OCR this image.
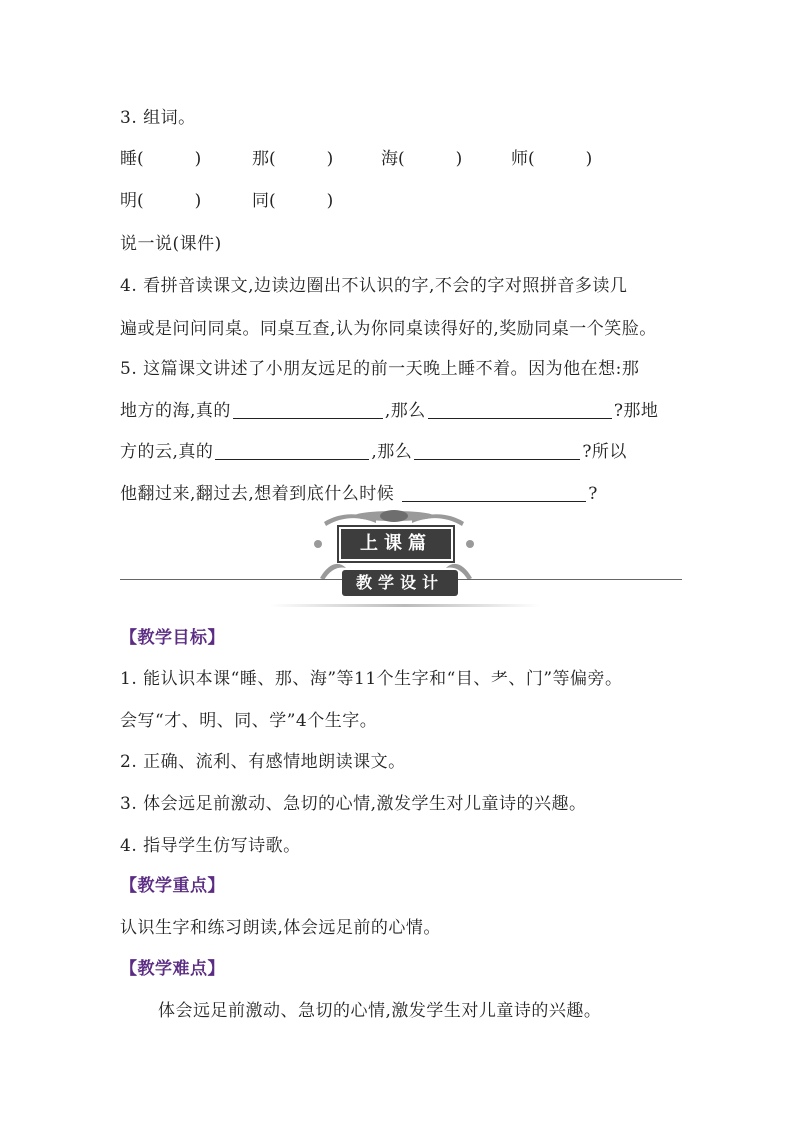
3. 组词。
睡(　　　)	那(　　　)	海(　　　)	师(　　　)
明(　　　)	同(　　　)
说一说(课件)
4. 看拼音读课文,边读边圈出不认识的字,不会的字对照拼音多读几
遍或是问问同桌。同桌互查,认为你同桌读得好的,奖励同桌一个笑脸。
5. 这篇课文讲述了小朋友远足的前一天晚上睡不着。因为他在想:那
地方的海,真的	,那么	?那地
方的云,真的	,那么	?所以
他翻过来,翻过去,想着到底什么时候	?
上课篇
教学设计
【教学目标】
1. 能认识本课“睡、那、海”等11个生字和“目、耂、门”等偏旁。
会写“才、明、同、学”4个生字。
2. 正确、流利、有感情地朗读课文。
3. 体会远足前激动、急切的心情,激发学生对儿童诗的兴趣。
4. 指导学生仿写诗歌。
【教学重点】
认识生字和练习朗读,体会远足前的心情。
【教学难点】
体会远足前激动、急切的心情,激发学生对儿童诗的兴趣。
